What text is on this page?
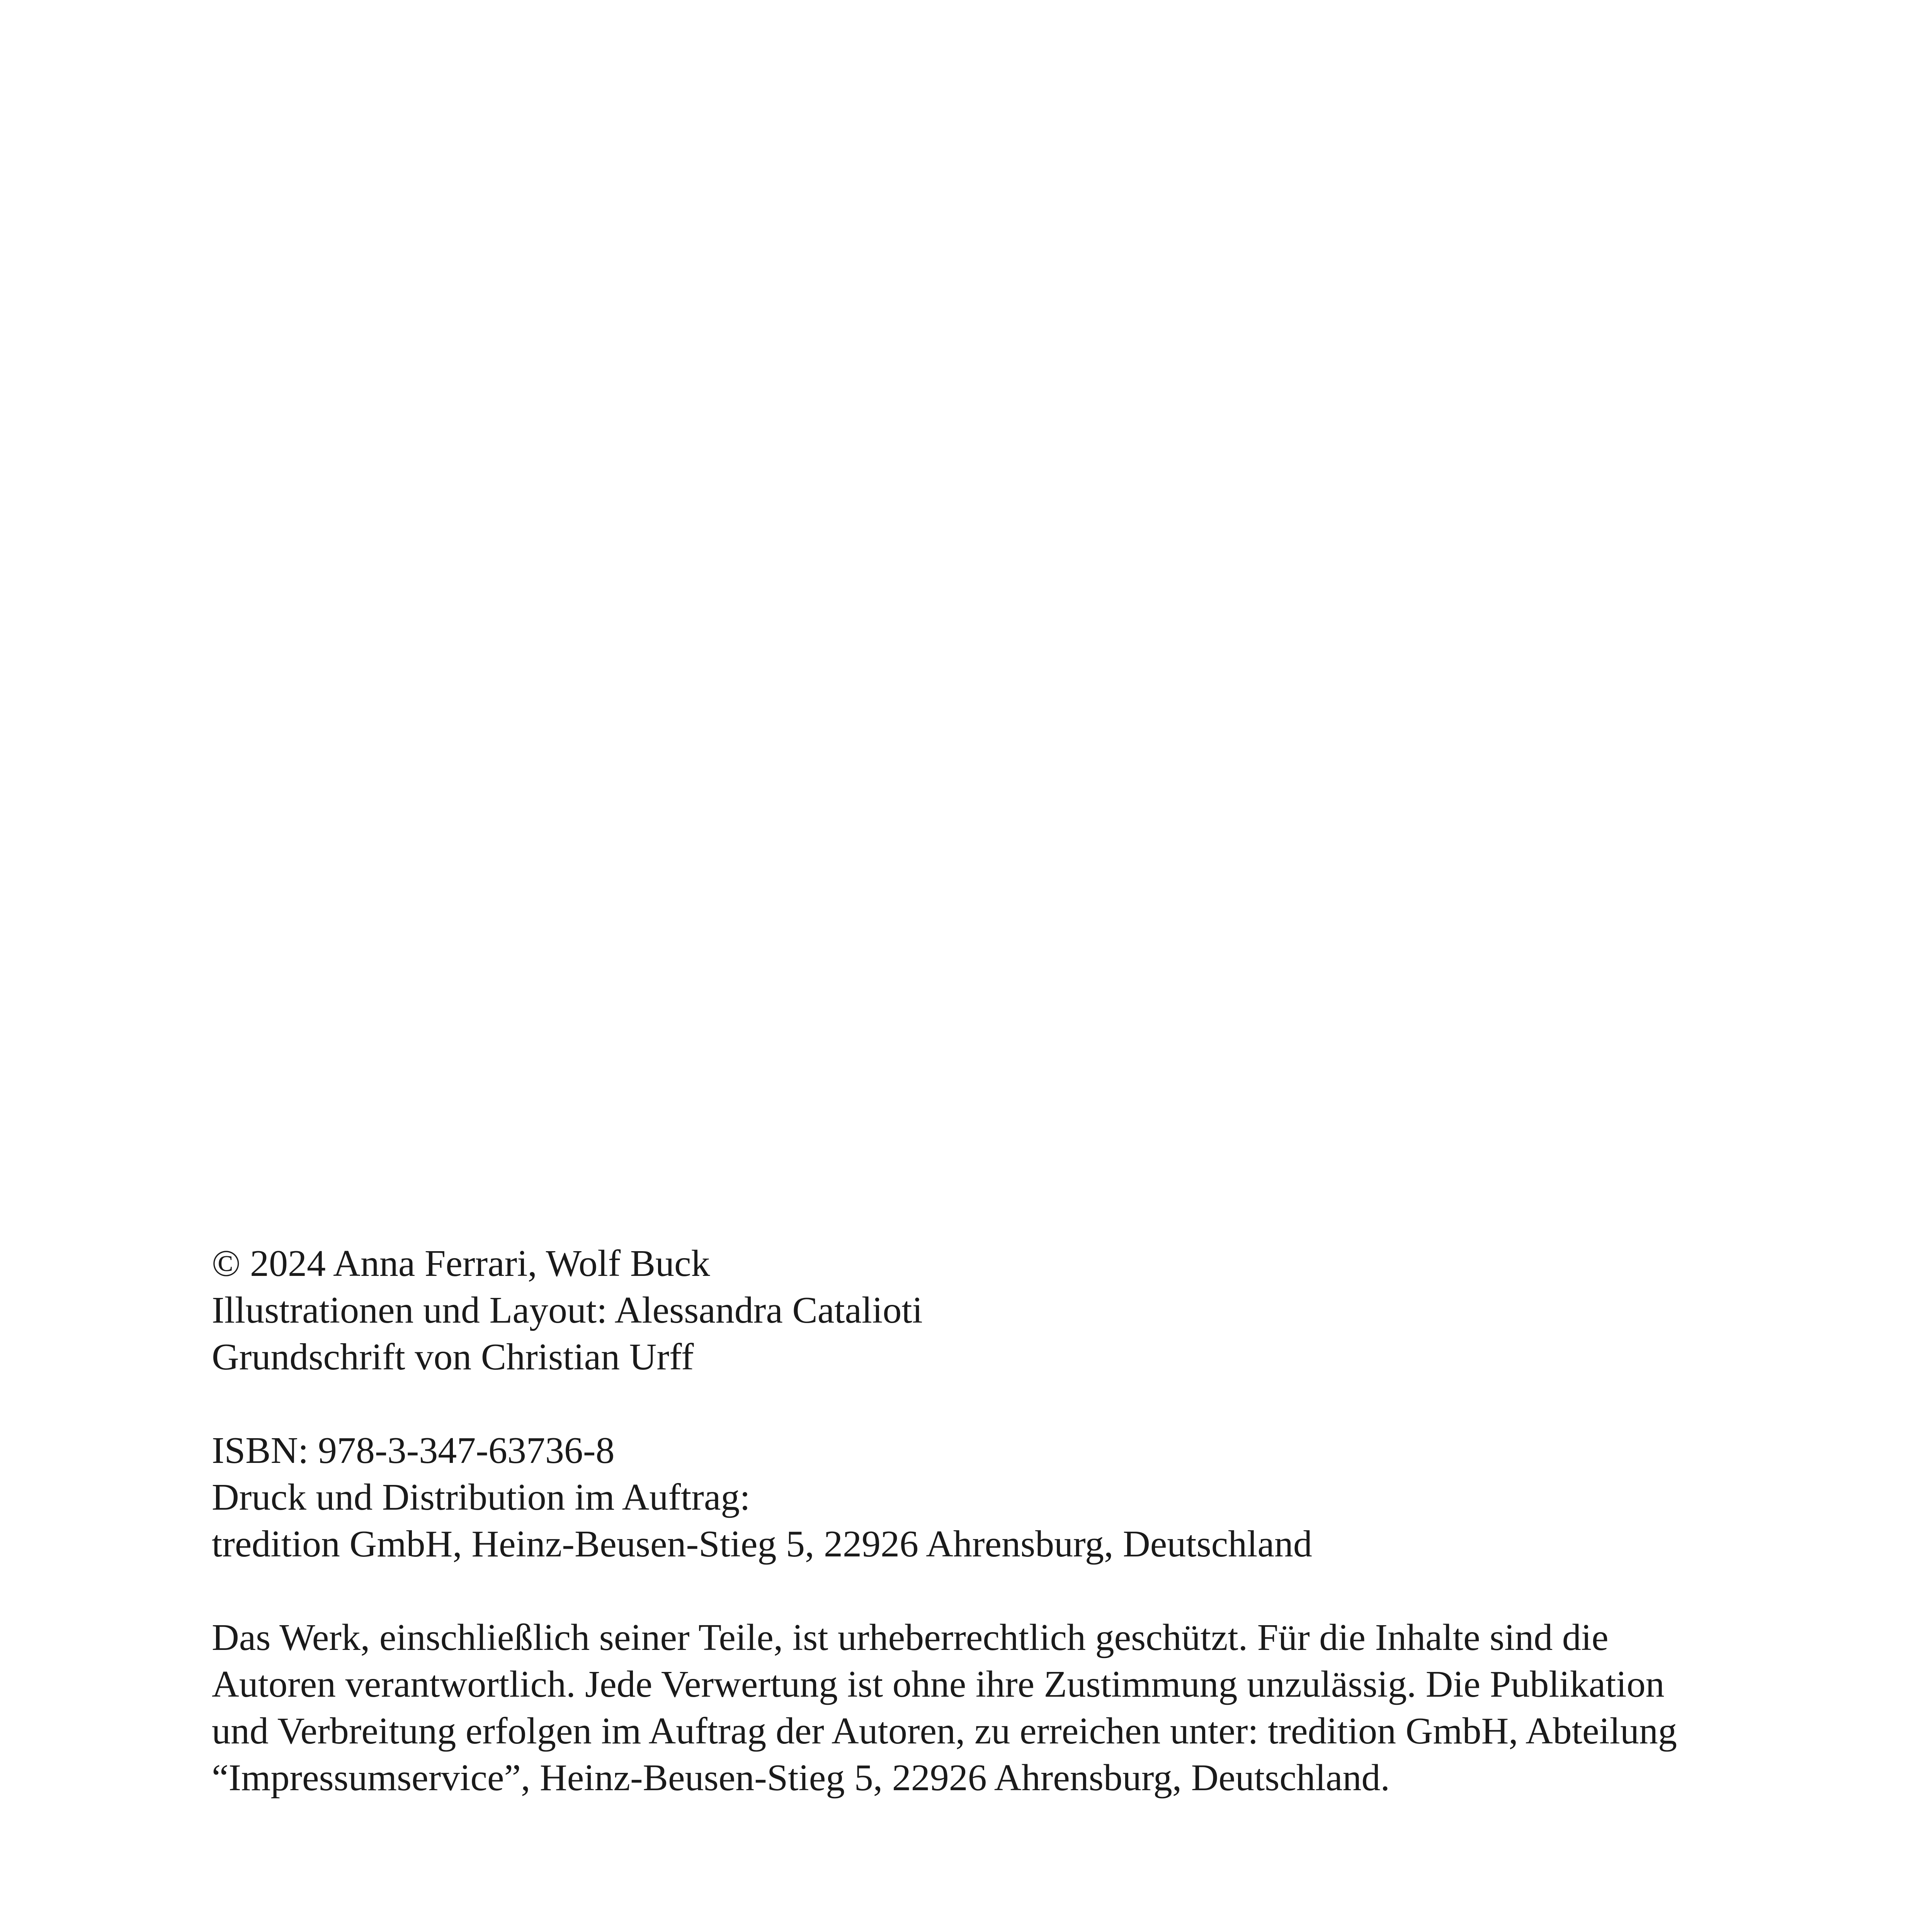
© 2024 Anna Ferrari, Wolf Buck
Illustrationen und Layout: Alessandra Catalioti
Grundschrift von Christian Urff
ISBN: 978-3-347-63736-8
Druck und Distribution im Auftrag:
tredition GmbH, Heinz-Beusen-Stieg 5, 22926 Ahrensburg, Deutschland
Das Werk, einschließlich seiner Teile, ist urheberrechtlich geschützt. Für die Inhalte sind die
Autoren verantwortlich. Jede Verwertung ist ohne ihre Zustimmung unzulässig. Die Publikation
und Verbreitung erfolgen im Auftrag der Autoren, zu erreichen unter: tredition GmbH, Abteilung
“Impressumservice”, Heinz-Beusen-Stieg 5, 22926 Ahrensburg, Deutschland.
